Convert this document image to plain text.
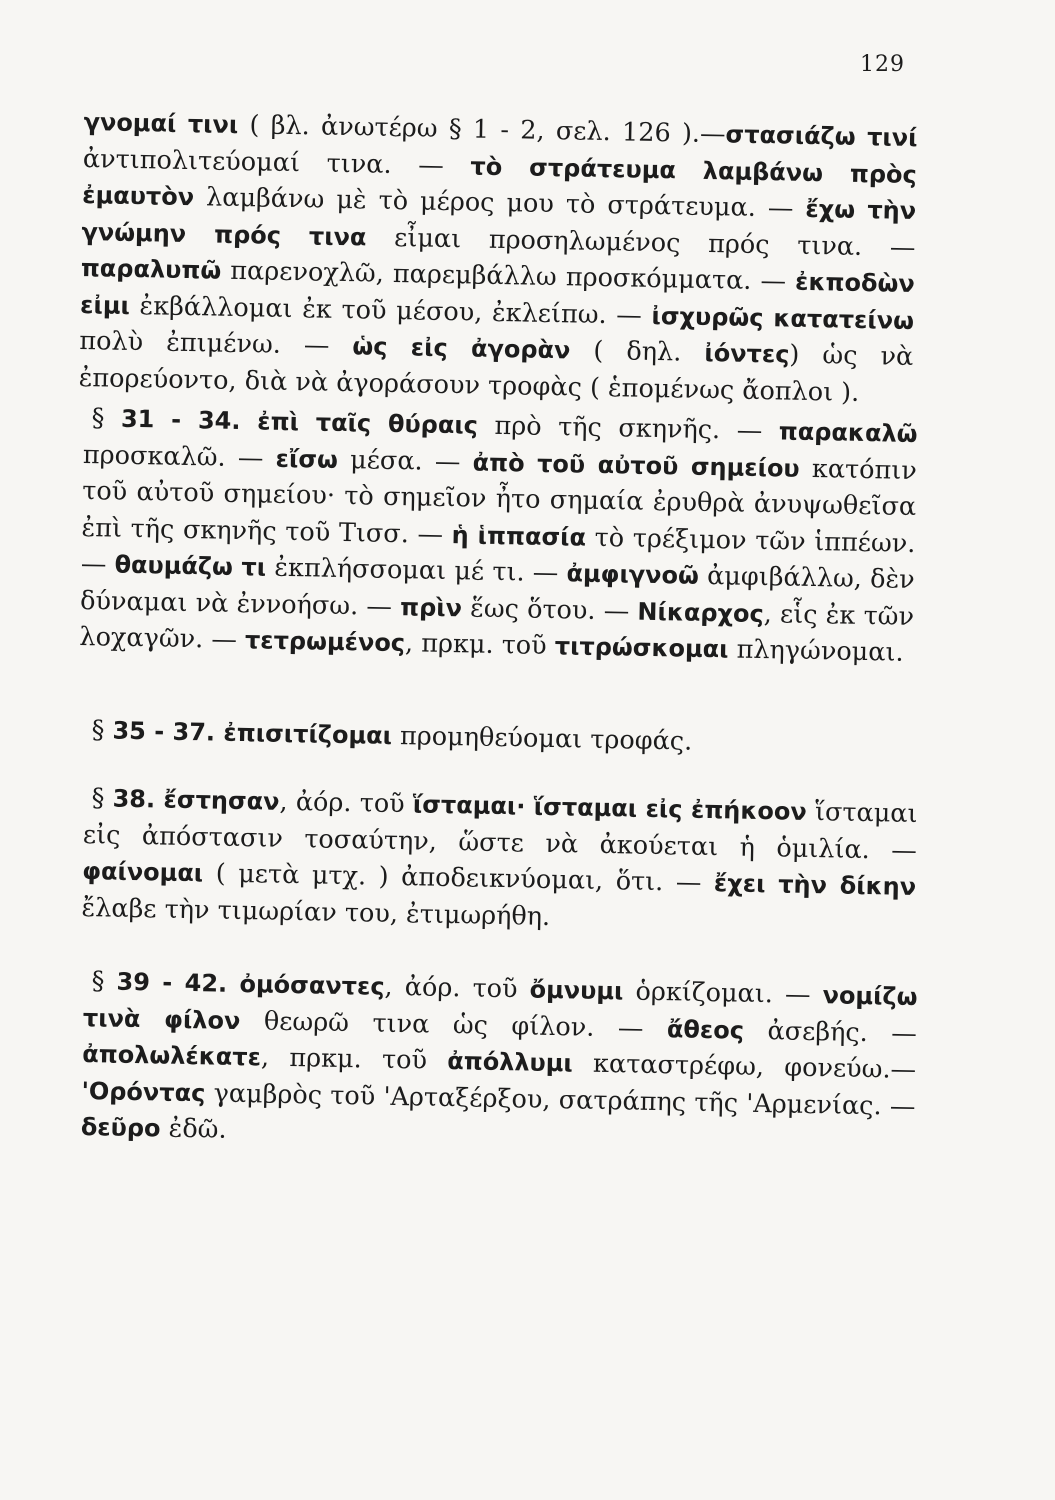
129
γνομαί τινι ( βλ. ἀνωτέρω § 1 - 2, σελ. 126 ).—στασιάζω τινί ἀντιπολιτεύομαί τινα. — τὸ στράτευμα λαμβάνω πρὸς ἐμαυτὸν λαμβάνω μὲ τὸ μέρος μου τὸ στράτευμα. — ἔχω τὴν γνώμην πρός τινα εἶμαι προσηλωμένος πρός τινα. — παραλυπῶ παρενοχλῶ, παρεμβάλλω προσκόμματα. — ἐκποδὼν εἰμι ἐκβάλλομαι ἐκ τοῦ μέσου, ἐκλείπω. — ἰσχυρῶς κατατείνω πολὺ ἐπιμένω. — ὡς εἰς ἀγορὰν ( δηλ. ἰόντες) ὡς νὰ ἐπορεύοντο, διὰ νὰ ἀγοράσουν τροφὰς ( ἑπομένως ἄοπλοι ).
§ 31 - 34. ἐπὶ ταῖς θύραις πρὸ τῆς σκηνῆς. — παρακαλῶ προσκαλῶ. — εἴσω μέσα. — ἀπὸ τοῦ αὐτοῦ σημείου κατόπιν τοῦ αὐτοῦ σημείου· τὸ σημεῖον ἦτο σημαία ἐρυθρὰ ἀνυψωθεῖσα ἐπὶ τῆς σκηνῆς τοῦ Τισσ. — ἡ ἱππασία τὸ τρέξιμον τῶν ἱππέων. — θαυμάζω τι ἐκπλήσσομαι μέ τι. — ἀμφιγνοῶ ἀμφιβάλλω, δὲν δύναμαι νὰ ἐννοήσω. — πρὶν ἕως ὅτου. — Νίκαρχος, εἷς ἐκ τῶν λοχαγῶν. — τετρωμένος, πρκμ. τοῦ τιτρώσκομαι πληγώνομαι.
§ 35 - 37. ἐπισιτίζομαι προμηθεύομαι τροφάς.
§ 38. ἔστησαν, ἀόρ. τοῦ ἵσταμαι· ἵσταμαι εἰς ἐπήκοον ἵσταμαι εἰς ἀπόστασιν τοσαύτην, ὥστε νὰ ἀκούεται ἡ ὁμιλία. — φαίνομαι ( μετὰ μτχ. ) ἀποδεικνύομαι, ὅτι. — ἔχει τὴν δίκην ἔλαβε τὴν τιμωρίαν του, ἐτιμωρήθη.
§ 39 - 42. ὀμόσαντες, ἀόρ. τοῦ ὄμνυμι ὁρκίζομαι. — νομίζω τινὰ φίλον θεωρῶ τινα ὡς φίλον. — ἄθεος ἀσεβής. — ἀπολωλέκατε, πρκμ. τοῦ ἀπόλλυμι καταστρέφω, φονεύω.— 'Ορόντας γαμβρὸς τοῦ 'Αρταξέρξου, σατράπης τῆς 'Αρμενίας. — δεῦρο ἐδῶ.
